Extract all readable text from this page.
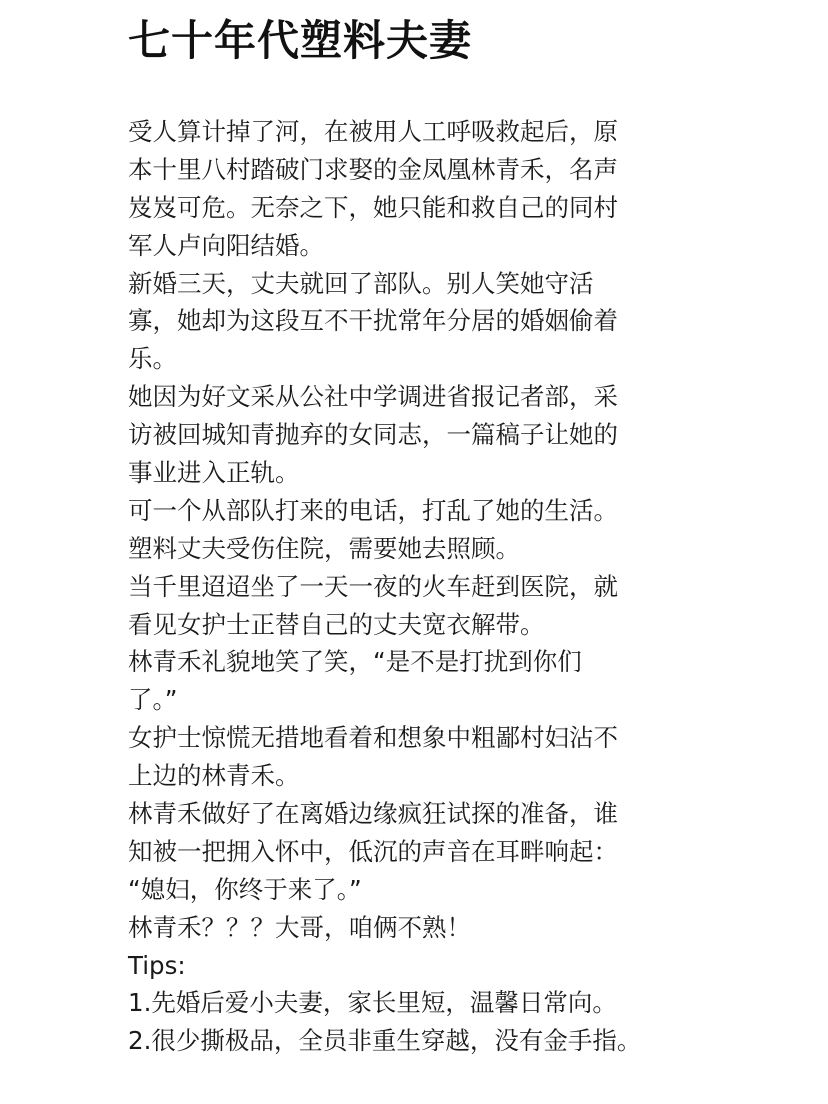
七十年代塑料夫妻
受人算计掉了河，在被用人工呼吸救起后，原
本十里八村踏破门求娶的金凤凰林青禾，名声
岌岌可危。无奈之下，她只能和救自己的同村
军人卢向阳结婚。
新婚三天，丈夫就回了部队。别人笑她守活
寡，她却为这段互不干扰常年分居的婚姻偷着
乐。
她因为好文采从公社中学调进省报记者部，采
访被回城知青抛弃的女同志，一篇稿子让她的
事业进入正轨。
可一个从部队打来的电话，打乱了她的生活。
塑料丈夫受伤住院，需要她去照顾。
当千里迢迢坐了一天一夜的火车赶到医院，就
看见女护士正替自己的丈夫宽衣解带。
林青禾礼貌地笑了笑，“是不是打扰到你们
了。”
女护士惊慌无措地看着和想象中粗鄙村妇沾不
上边的林青禾。
林青禾做好了在离婚边缘疯狂试探的准备，谁
知被一把拥入怀中，低沉的声音在耳畔响起：
“媳妇，你终于来了。”
林青禾？？？大哥，咱俩不熟！
Tips:
1.先婚后爱小夫妻，家长里短，温馨日常向。
2.很少撕极品，全员非重生穿越，没有金手指。
